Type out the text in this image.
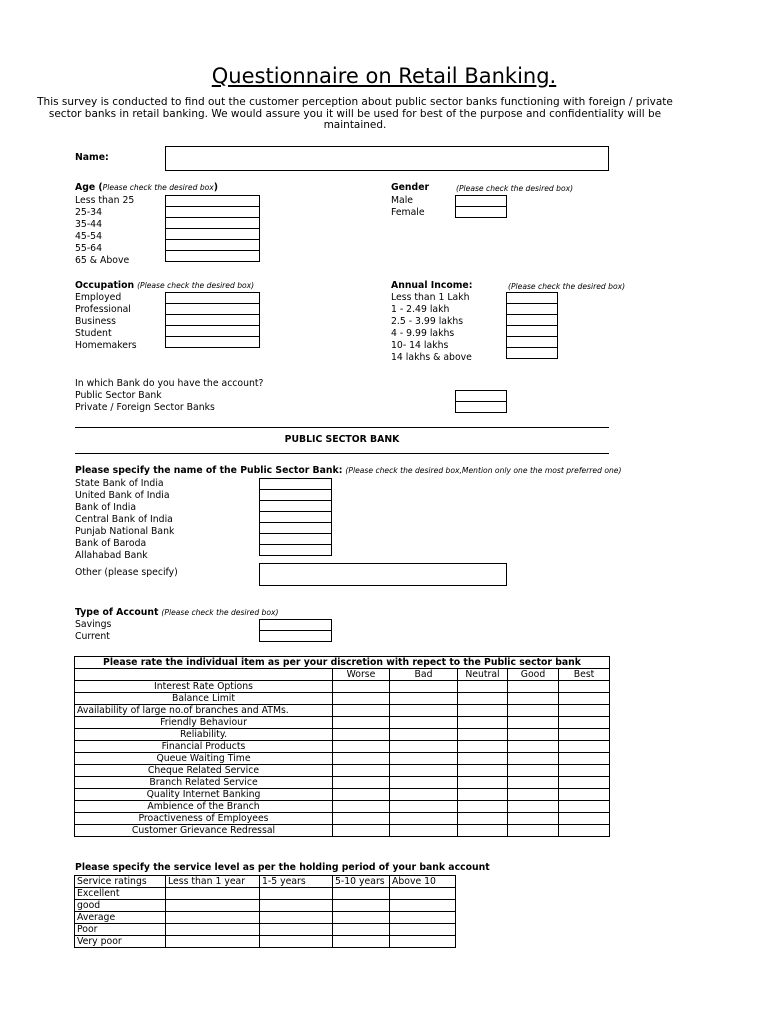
Questionnaire on Retail Banking.
This survey is conducted to find out the customer perception about public sector banks functioning with foreign / private sector banks in retail banking. We would assure you it will be used for best of the purpose and confidentiality will be maintained.
Name:
Age (Please check the desired box)
Less than 25
25-34
35-44
45-54
55-64
65 & Above

Gender	(Please check the desired box)
Male
Female

Occupation (Please check the desired box)
Employed
Professional
Business
Student
Homemakers

Annual Income:	(Please check the desired box)
Less than 1 Lakh
1 - 2.49 lakh
2.5 - 3.99 lakhs
4 - 9.99 lakhs
10- 14 lakhs
14 lakhs & above

In which Bank do you have the account?
Public Sector Bank
Private / Foreign Sector Banks

PUBLIC SECTOR BANK
Please specify the name of the Public Sector Bank: (Please check the desired box,Mention only one the most preferred one)
State Bank of India
United Bank of India
Bank of India
Central Bank of India
Punjab National Bank
Bank of Baroda
Allahabad Bank

Other (please specify)
Type of Account (Please check the desired box)
Savings
Current

Please rate the individual item as per your discretion with repect to the Public sector bank					
	Worse	Bad	Neutral	Good	Best
Interest Rate Options					
Balance Limit					
Availability of large no.of branches and ATMs.					
Friendly Behaviour					
Reliability.					
Financial Products					
Queue Waiting Time					
Cheque Related Service					
Branch Related Service					
Quality Internet Banking					
Ambience of the Branch					
Proactiveness of Employees					
Customer Grievance Redressal					
Please specify the service level as per the holding period of your bank account
Service ratings	Less than 1 year	1-5 years	5-10 years	Above 10
Excellent				
good				
Average				
Poor				
Very poor				
